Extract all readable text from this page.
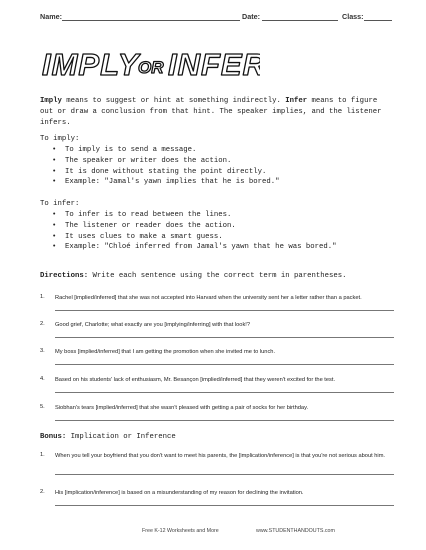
Name:	Date:	Class:
IMPLY
OR INFER
Imply means to suggest or hint at something indirectly. Infer means to figure out or draw a conclusion from that hint. The speaker implies, and the listener infers.
To imply:
• To imply is to send a message.
• The speaker or writer does the action.
• It is done without stating the point directly.
• Example: "Jamal's yawn implies that he is bored."
To infer:
• To infer is to read between the lines.
• The listener or reader does the action.
• It uses clues to make a smart guess.
• Example: "Chloé inferred from Jamal's yawn that he was bored."
Directions: Write each sentence using the correct term in parentheses.
1. Rachel [implied/inferred] that she was not accepted into Harvard when the university sent her a letter rather than a packet.
2. Good grief, Charlotte; what exactly are you [implying/inferring] with that look!?
3. My boss [implied/inferred] that I am getting the promotion when she invited me to lunch.
4. Based on his students' lack of enthusiasm, Mr. Besançon [implied/inferred] that they weren't excited for the test.
5. Siobhan's tears [implied/inferred] that she wasn't pleased with getting a pair of socks for her birthday.
Bonus: Implication or Inference
1. When you tell your boyfriend that you don't want to meet his parents, the [implication/inference] is that you're not serious about him.
2. His [implication/inference] is based on a misunderstanding of my reason for declining the invitation.
Free K-12 Worksheets and More	www.STUDENTHANDOUTS.com
